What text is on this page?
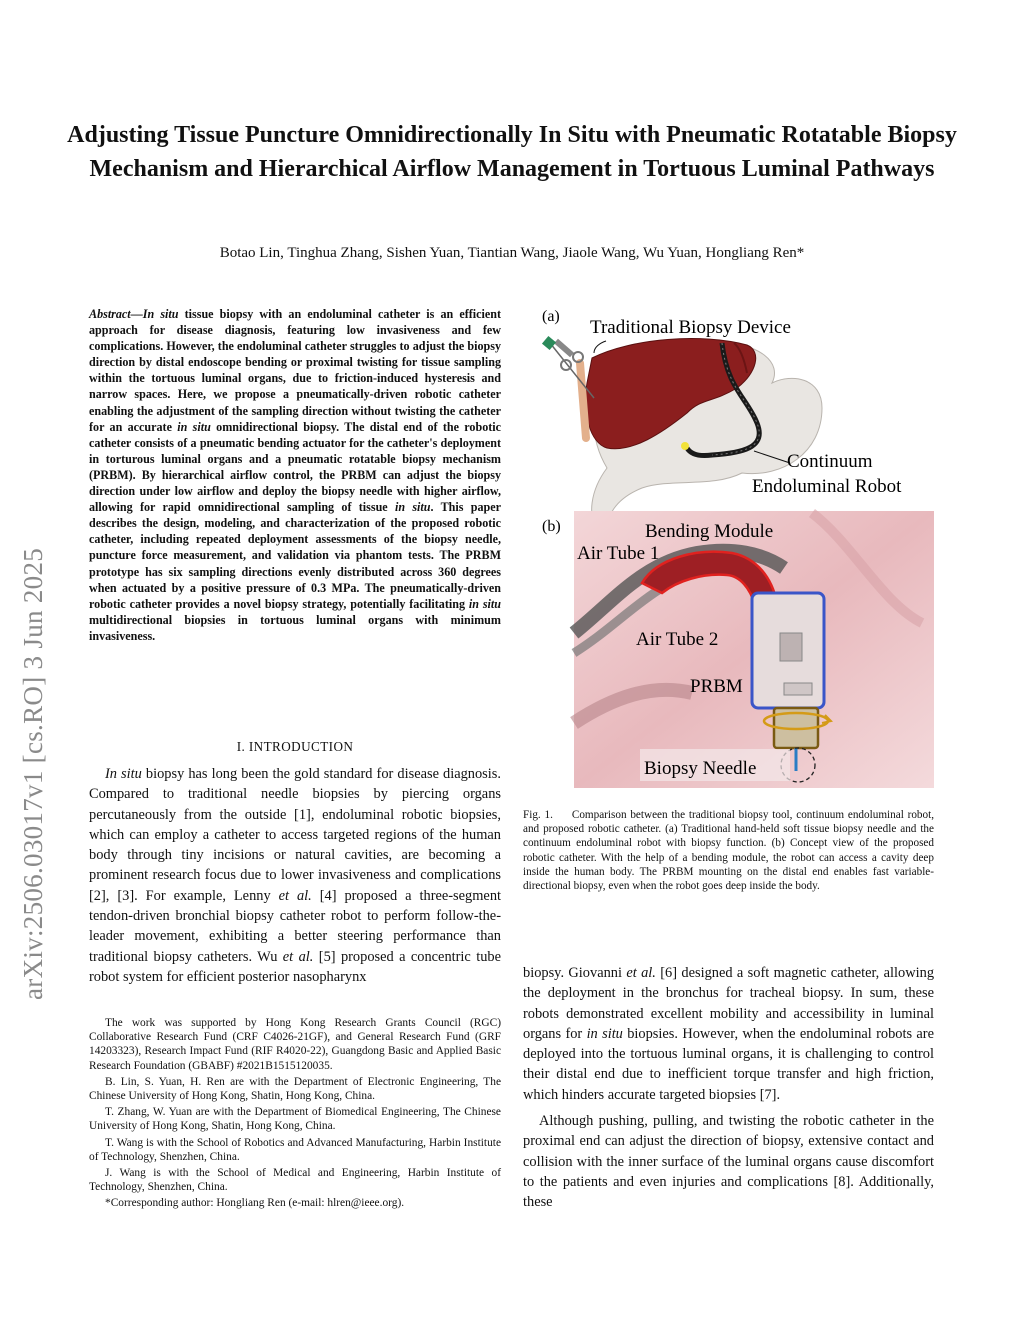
Adjusting Tissue Puncture Omnidirectionally In Situ with Pneumatic Rotatable Biopsy Mechanism and Hierarchical Airflow Management in Tortuous Luminal Pathways
Botao Lin, Tinghua Zhang, Sishen Yuan, Tiantian Wang, Jiaole Wang, Wu Yuan, Hongliang Ren*
arXiv:2506.03017v1 [cs.RO] 3 Jun 2025
Abstract—In situ tissue biopsy with an endoluminal catheter is an efficient approach for disease diagnosis, featuring low invasiveness and few complications. However, the endoluminal catheter struggles to adjust the biopsy direction by distal endoscope bending or proximal twisting for tissue sampling within the tortuous luminal organs, due to friction-induced hysteresis and narrow spaces. Here, we propose a pneumatically-driven robotic catheter enabling the adjustment of the sampling direction without twisting the catheter for an accurate in situ omnidirectional biopsy. The distal end of the robotic catheter consists of a pneumatic bending actuator for the catheter's deployment in torturous luminal organs and a pneumatic rotatable biopsy mechanism (PRBM). By hierarchical airflow control, the PRBM can adjust the biopsy direction under low airflow and deploy the biopsy needle with higher airflow, allowing for rapid omnidirectional sampling of tissue in situ. This paper describes the design, modeling, and characterization of the proposed robotic catheter, including repeated deployment assessments of the biopsy needle, puncture force measurement, and validation via phantom tests. The PRBM prototype has six sampling directions evenly distributed across 360 degrees when actuated by a positive pressure of 0.3 MPa. The pneumatically-driven robotic catheter provides a novel biopsy strategy, potentially facilitating in situ multidirectional biopsies in tortuous luminal organs with minimum invasiveness.
I. INTRODUCTION
In situ biopsy has long been the gold standard for disease diagnosis. Compared to traditional needle biopsies by piercing organs percutaneously from the outside [1], endoluminal robotic biopsies, which can employ a catheter to access targeted regions of the human body through tiny incisions or natural cavities, are becoming a prominent research focus due to lower invasiveness and complications [2], [3]. For example, Lenny et al. [4] proposed a three-segment tendon-driven bronchial biopsy catheter robot to perform follow-the-leader movement, exhibiting a better steering performance than traditional biopsy catheters. Wu et al. [5] proposed a concentric tube robot system for efficient posterior nasopharynx

The work was supported by Hong Kong Research Grants Council (RGC) Collaborative Research Fund (CRF C4026-21GF), and General Research Fund (GRF 14203323), Research Impact Fund (RIF R4020-22), Guangdong Basic and Applied Basic Research Foundation (GBABF) #2021B1515120035.

B. Lin, S. Yuan, H. Ren are with the Department of Electronic Engineering, The Chinese University of Hong Kong, Shatin, Hong Kong, China.

T. Zhang, W. Yuan are with the Department of Biomedical Engineering, The Chinese University of Hong Kong, Shatin, Hong Kong, China.

T. Wang is with the School of Robotics and Advanced Manufacturing, Harbin Institute of Technology, Shenzhen, China.

J. Wang is with the School of Medical and Engineering, Harbin Institute of Technology, Shenzhen, China.

*Corresponding author: Hongliang Ren (e-mail: hlren@ieee.org).

(a)
Traditional Biopsy Device
Continuum
Endoluminal Robot
(b)	Bending Module
Air Tube 1
Air Tube 2
PRBM
Biopsy Needle
Fig. 1. Comparison between the traditional biopsy tool, continuum endoluminal robot, and proposed robotic catheter. (a) Traditional hand-held soft tissue biopsy needle and the continuum endoluminal robot with biopsy function. (b) Concept view of the proposed robotic catheter. With the help of a bending module, the robot can access a cavity deep inside the human body. The PRBM mounting on the distal end enables fast variable-directional biopsy, even when the robot goes deep inside the body.

biopsy. Giovanni et al. [6] designed a soft magnetic catheter, allowing the deployment in the bronchus for tracheal biopsy. In sum, these robots demonstrated excellent mobility and accessibility in luminal organs for in situ biopsies. However, when the endoluminal robots are deployed into the tortuous luminal organs, it is challenging to control their distal end due to inefficient torque transfer and high friction, which hinders accurate targeted biopsies [7].

Although pushing, pulling, and twisting the robotic catheter in the proximal end can adjust the direction of biopsy, extensive contact and collision with the inner surface of the luminal organs cause discomfort to the patients and even injuries and complications [8]. Additionally, these
